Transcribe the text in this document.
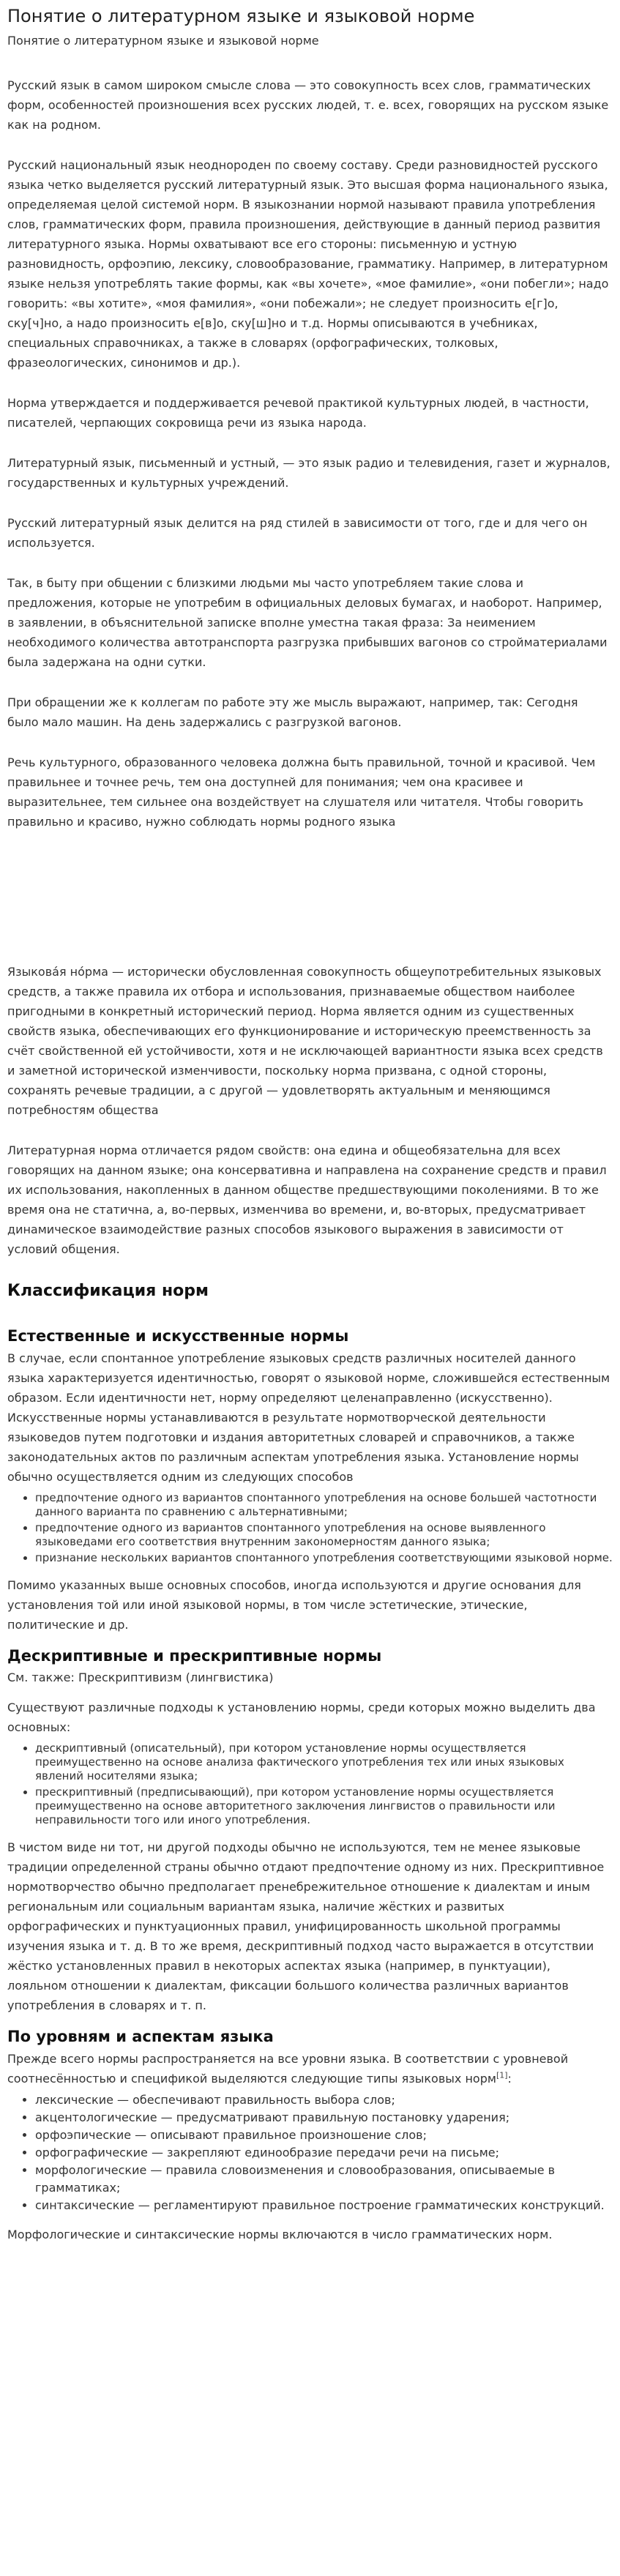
Понятие о литературном языке и языковой норме

Понятие о литературном языке и языковой норме

Русский язык в самом широком смысле слова — это совокупность всех слов, грамматических форм, особенностей произношения всех русских людей, т. е. всех, говорящих на русском языке как на родном.

Русский национальный язык неоднороден по своему составу. Среди разновидностей русского языка четко выделяется русский литературный язык. Это высшая форма национального языка, определяемая целой системой норм. В языкознании нормой называют правила употребления слов, грамматических форм, правила произношения, действующие в данный период развития литературного языка. Нормы охватывают все его стороны: письменную и устную разновидность, орфоэпию, лексику, словообразование, грамматику. Например, в литературном языке нельзя употреблять такие формы, как «вы хочете», «мое фамилие», «они побегли»; надо говорить: «вы хотите», «моя фамилия», «они побежали»; не следует произносить е[г]о, ску[ч]но, а надо произносить е[в]о, ску[ш]но и т.д. Нормы описываются в учебниках, специальных справочниках, а также в словарях (орфографических, толковых, фразеологических, синонимов и др.).

Норма утверждается и поддерживается речевой практикой культурных людей, в частности, писателей, черпающих сокровища речи из языка народа.

Литературный язык, письменный и устный, — это язык радио и телевидения, газет и журналов, государственных и культурных учреждений.

Русский литературный язык делится на ряд стилей в зависимости от того, где и для чего он используется.

Так, в быту при общении с близкими людьми мы часто употребляем такие слова и предложения, которые не употребим в официальных деловых бумагах, и наоборот. Например, в заявлении, в объяснительной записке вполне уместна такая фраза: За неимением необходимого количества автотранспорта разгрузка прибывших вагонов со стройматериалами была задержана на одни сутки.

При обращении же к коллегам по работе эту же мысль выражают, например, так: Сегодня было мало машин. На день задержались с разгрузкой вагонов.

Речь культурного, образованного человека должна быть правильной, точной и красивой. Чем правильнее и точнее речь, тем она доступней для понимания; чем она красивее и выразительнее, тем сильнее она воздействует на слушателя или читателя. Чтобы говорить правильно и красиво, нужно соблюдать нормы родного языка

Языкова́я но́рма — исторически обусловленная совокупность общеупотребительных языковых средств, а также правила их отбора и использования, признаваемые обществом наиболее пригодными в конкретный исторический период. Норма является одним из существенных свойств языка, обеспечивающих его функционирование и историческую преемственность за счёт свойственной ей устойчивости, хотя и не исключающей вариантности языка всех средств и заметной исторической изменчивости, поскольку норма призвана, с одной стороны, сохранять речевые традиции, а с другой — удовлетворять актуальным и меняющимся потребностям общества

Литературная норма отличается рядом свойств: она едина и общеобязательна для всех говорящих на данном языке; она консервативна и направлена на сохранение средств и правил их использования, накопленных в данном обществе предшествующими поколениями. В то же время она не статична, а, во-первых, изменчива во времени, и, во-вторых, предусматривает динамическое взаимодействие разных способов языкового выражения в зависимости от условий общения.

Классификация норм
Естественные и искусственные нормы

В случае, если спонтанное употребление языковых средств различных носителей данного языка характеризуется идентичностью, говорят о языковой норме, сложившейся естественным образом. Если идентичности нет, норму определяют целенаправленно (искусственно). Искусственные нормы устанавливаются в результате нормотворческой деятельности языковедов путем подготовки и издания авторитетных словарей и справочников, а также законодательных актов по различным аспектам употребления языка. Установление нормы обычно осуществляется одним из следующих способов

• предпочтение одного из вариантов спонтанного употребления на основе большей частотности данного варианта по сравнению с альтернативными;
• предпочтение одного из вариантов спонтанного употребления на основе выявленного языковедами его соответствия внутренним закономерностям данного языка;
• признание нескольких вариантов спонтанного употребления соответствующими языковой норме.

Помимо указанных выше основных способов, иногда используются и другие основания для установления той или иной языковой нормы, в том числе эстетические, этические, политические и др.

Дескриптивные и прескриптивные нормы

См. также: Прескриптивизм (лингвистика)

Существуют различные подходы к установлению нормы, среди которых можно выделить два основных:

• дескриптивный (описательный), при котором установление нормы осуществляется преимущественно на основе анализа фактического употребления тех или иных языковых явлений носителями языка;
• прескриптивный (предписывающий), при котором установление нормы осуществляется преимущественно на основе авторитетного заключения лингвистов о правильности или неправильности того или иного употребления.

В чистом виде ни тот, ни другой подходы обычно не используются, тем не менее языковые традиции определенной страны обычно отдают предпочтение одному из них. Прескриптивное нормотворчество обычно предполагает пренебрежительное отношение к диалектам и иным региональным или социальным вариантам языка, наличие жёстких и развитых орфографических и пунктуационных правил, унифицированность школьной программы изучения языка и т. д. В то же время, дескриптивный подход часто выражается в отсутствии жёстко установленных правил в некоторых аспектах языка (например, в пунктуации), лояльном отношении к диалектам, фиксации большого количества различных вариантов употребления в словарях и т. п.

По уровням и аспектам языка

Прежде всего нормы распространяется на все уровни языка. В соответствии с уровневой соотнесённостью и спецификой выделяются следующие типы языковых норм[1]:

• лексические — обеспечивают правильность выбора слов;
• акцентологические — предусматривают правильную постановку ударения;
• орфоэпические — описывают правильное произношение слов;
• орфографические — закрепляют единообразие передачи речи на письме;
• морфологические — правила словоизменения и словообразования, описываемые в грамматиках;
• синтаксические — регламентируют правильное построение грамматических конструкций.

Морфологические и синтаксические нормы включаются в число грамматических норм.
